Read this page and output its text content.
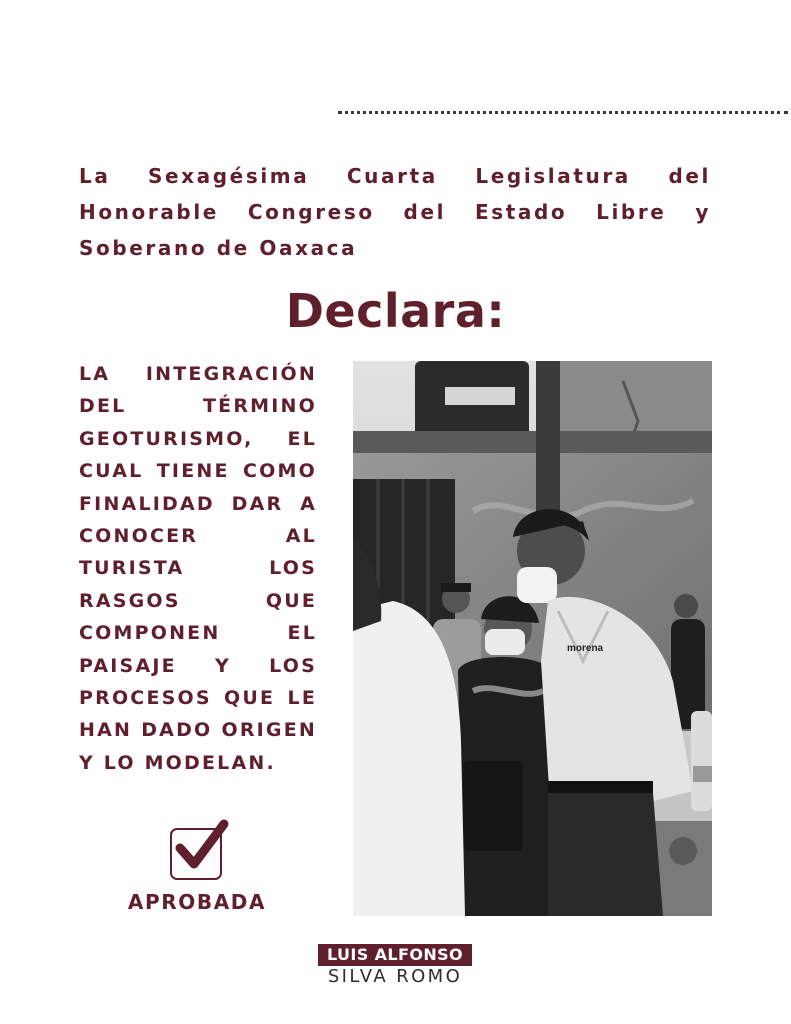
La Sexagésima Cuarta Legislatura del Honorable Congreso del Estado Libre y Soberano de Oaxaca
Declara:
LA INTEGRACIÓN DEL TÉRMINO GEOTURISMO, EL CUAL TIENE COMO FINALIDAD DAR A CONOCER AL TURISTA LOS RASGOS QUE COMPONEN EL PAISAJE Y LOS PROCESOS QUE LE HAN DADO ORIGEN Y LO MODELAN.
morena
APROBADA
LUIS ALFONSO
SILVA ROMO
